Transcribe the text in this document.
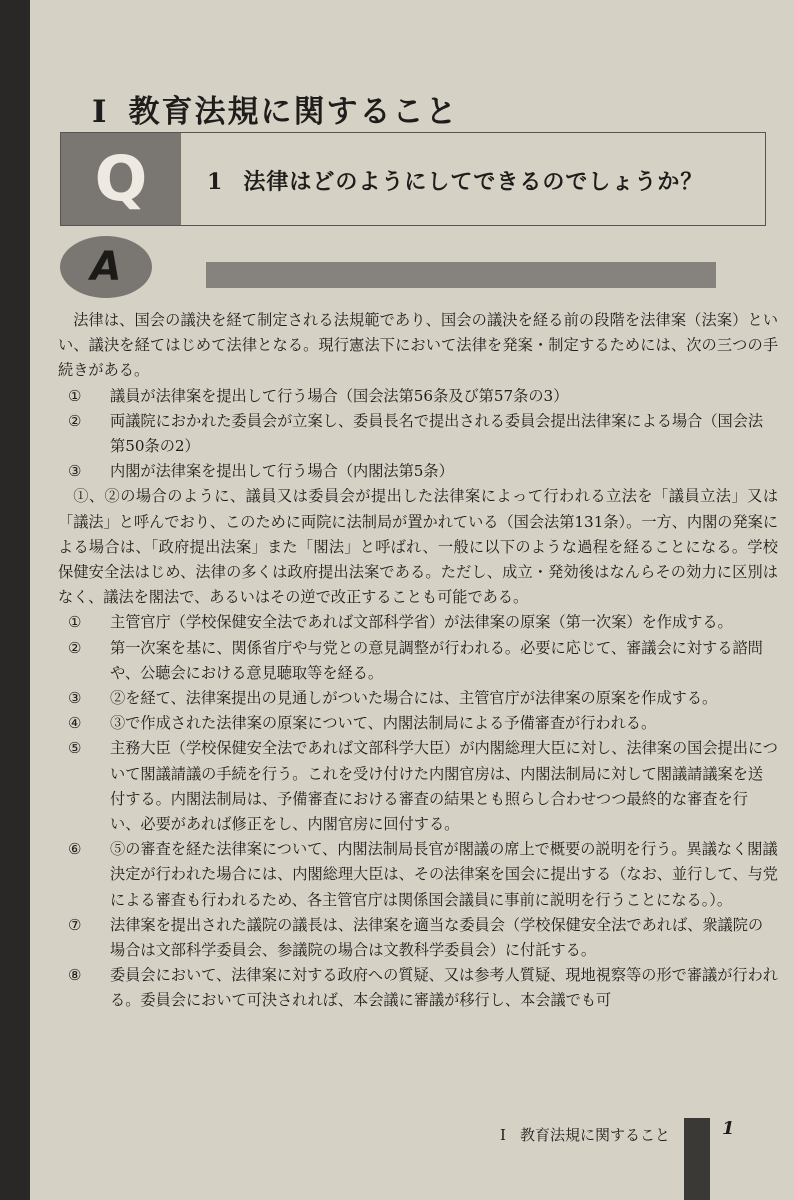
I 教育法規に関すること
Q	1 法律はどのようにしてできるのでしょうか？
A

法律は、国会の議決を経て制定される法規範であり、国会の議決を経る前の段階を法律案（法案）といい、議決を経てはじめて法律となる。現行憲法下において法律を発案・制定するためには、次の三つの手続きがある。

① 議員が法律案を提出して行う場合（国会法第56条及び第57条の3）
② 両議院におかれた委員会が立案し、委員長名で提出される委員会提出法律案による場合（国会法第50条の2）
③ 内閣が法律案を提出して行う場合（内閣法第5条）

①、②の場合のように、議員又は委員会が提出した法律案によって行われる立法を「議員立法」又は「議法」と呼んでおり、このために両院に法制局が置かれている（国会法第131条）。一方、内閣の発案による場合は、「政府提出法案」また「閣法」と呼ばれ、一般に以下のような過程を経ることになる。学校保健安全法はじめ、法律の多くは政府提出法案である。ただし、成立・発効後はなんらその効力に区別はなく、議法を閣法で、あるいはその逆で改正することも可能である。

① 主管官庁（学校保健安全法であれば文部科学省）が法律案の原案（第一次案）を作成する。
② 第一次案を基に、関係省庁や与党との意見調整が行われる。必要に応じて、審議会に対する諮問や、公聴会における意見聴取等を経る。
③ ②を経て、法律案提出の見通しがついた場合には、主管官庁が法律案の原案を作成する。
④ ③で作成された法律案の原案について、内閣法制局による予備審査が行われる。
⑤ 主務大臣（学校保健安全法であれば文部科学大臣）が内閣総理大臣に対し、法律案の国会提出について閣議請議の手続を行う。これを受け付けた内閣官房は、内閣法制局に対して閣議請議案を送付する。内閣法制局は、予備審査における審査の結果とも照らし合わせつつ最終的な審査を行い、必要があれば修正をし、内閣官房に回付する。
⑥ ⑤の審査を経た法律案について、内閣法制局長官が閣議の席上で概要の説明を行う。異議なく閣議決定が行われた場合には、内閣総理大臣は、その法律案を国会に提出する（なお、並行して、与党による審査も行われるため、各主管官庁は関係国会議員に事前に説明を行うことになる。）。
⑦ 法律案を提出された議院の議長は、法律案を適当な委員会（学校保健安全法であれば、衆議院の場合は文部科学委員会、参議院の場合は文教科学委員会）に付託する。
⑧ 委員会において、法律案に対する政府への質疑、又は参考人質疑、現地視察等の形で審議が行われる。委員会において可決されれば、本会議に審議が移行し、本会議でも可
I 教育法規に関すること	1
